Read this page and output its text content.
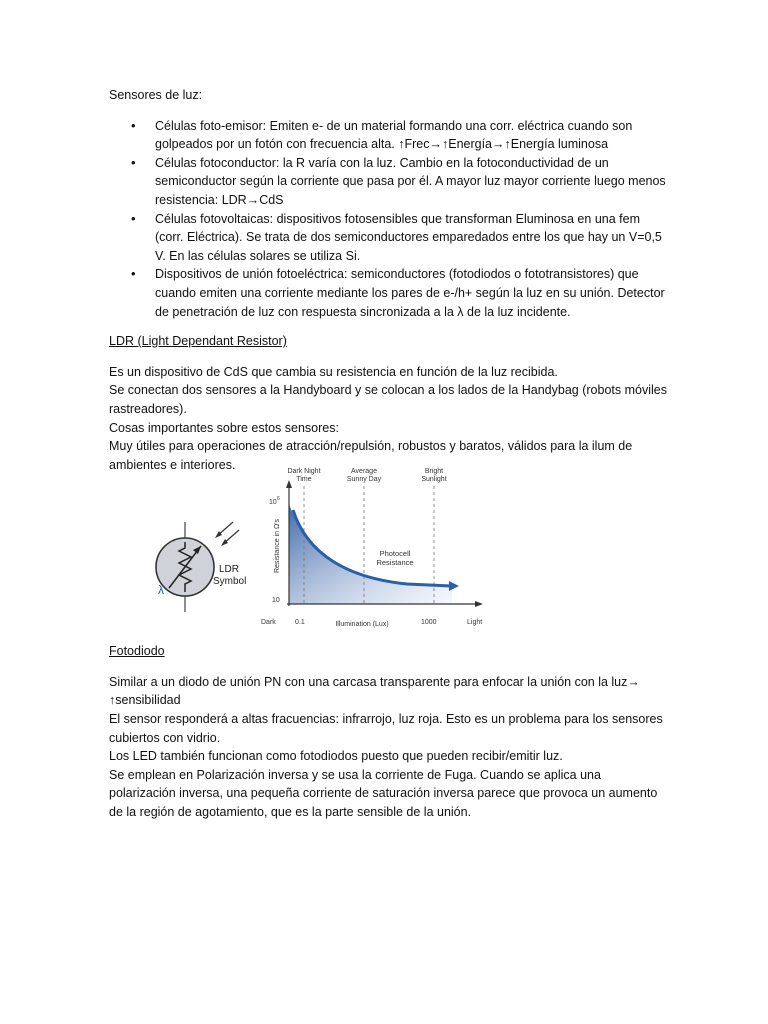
Sensores de luz:

• Células foto-emisor: Emiten e- de un material formando una corr. eléctrica cuando son golpeados por un fotón con frecuencia alta. ↑Frec→↑Energía→↑Energía luminosa
• Células fotoconductor: la R varía con la luz. Cambio en la fotoconductividad de un semiconductor según la corriente que pasa por él. A mayor luz mayor corriente luego menos resistencia: LDR→CdS
• Células fotovoltaicas: dispositivos fotosensibles que transforman Eluminosa en una fem (corr. Eléctrica). Se trata de dos semiconductores emparedados entre los que hay un V=0,5 V. En las células solares se utiliza Si.
• Dispositivos de unión fotoeléctrica: semiconductores (fotodiodos o fototransistores) que cuando emiten una corriente mediante los pares de e-/h+ según la luz en su unión. Detector de penetración de luz con respuesta sincronizada a la λ de la luz incidente.

LDR (Light Dependant Resistor)

Es un dispositivo de CdS que cambia su resistencia en función de la luz recibida.

Se conectan dos sensores a la Handyboard y se colocan a los lados de la Handybag (robots móviles rastreadores).

Cosas importantes sobre estos sensores:

Muy útiles para operaciones de atracción/repulsión, robustos y baratos, válidos para la ilum de ambientes e interiores.

λ
LDR
Symbol
Dark Night
Time
Average
Sunny Day
Bright
Sunlight
10 6
10
Resistance in Ω's
Dark	0.1	1000	Light
Illumination (Lux)
Photocell
Resistance

Fotodiodo

Similar a un diodo de unión PN con una carcasa transparente para enfocar la unión con la luz→ ↑sensibilidad

El sensor responderá a altas fracuencias: infrarrojo, luz roja. Esto es un problema para los sensores cubiertos con vidrio.

Los LED también funcionan como fotodiodos puesto que pueden recibir/emitir luz.

Se emplean en Polarización inversa y se usa la corriente de Fuga. Cuando se aplica una polarización inversa, una pequeña corriente de saturación inversa parece que provoca un aumento de la región de agotamiento, que es la parte sensible de la unión.
